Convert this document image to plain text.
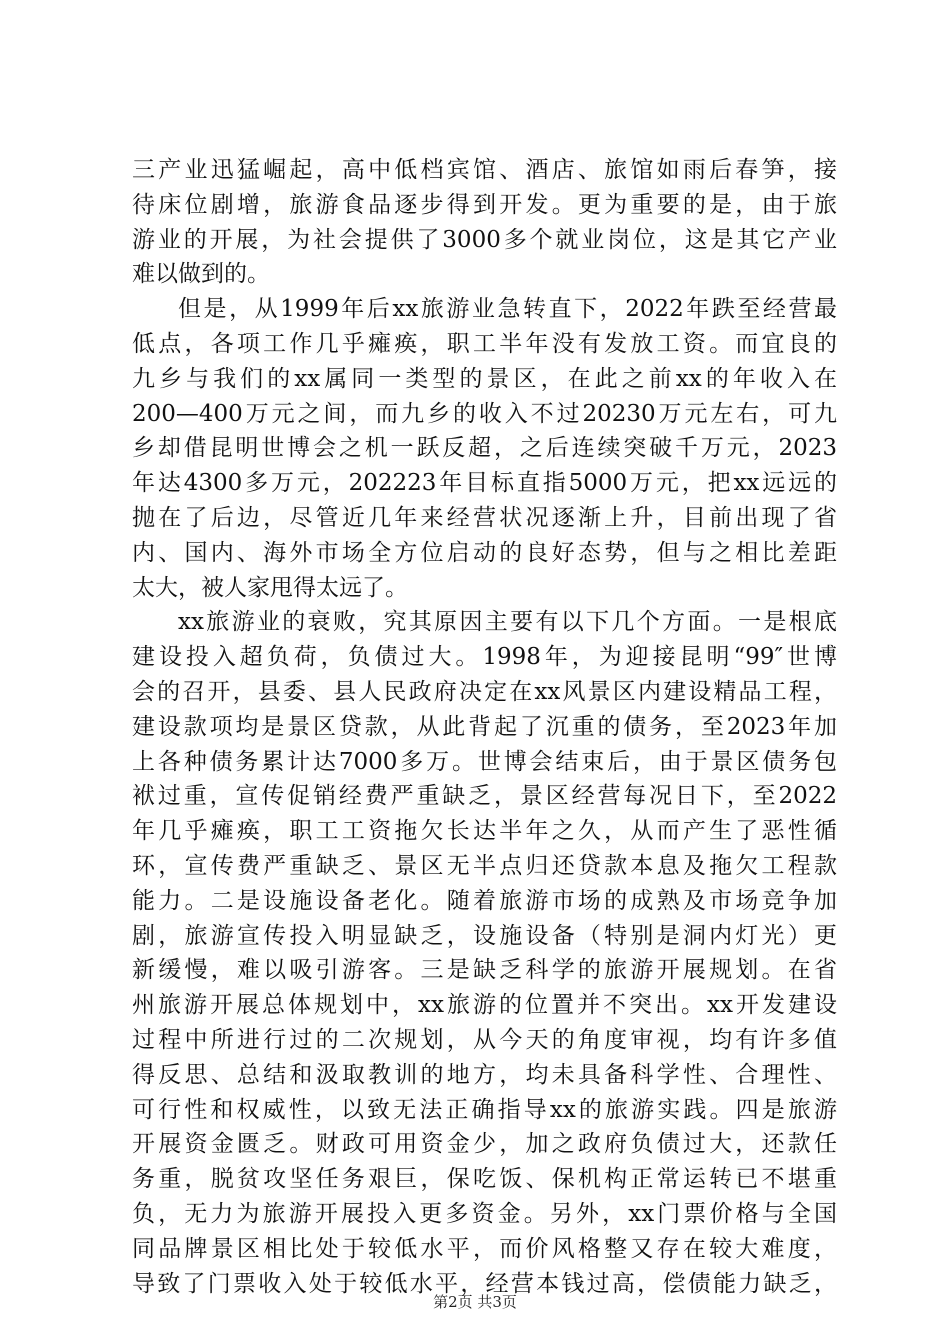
三产业迅猛崛起，高中低档宾馆、酒店、旅馆如雨后春笋，接
待床位剧增，旅游食品逐步得到开发。更为重要的是，由于旅
游业的开展，为社会提供了3000多个就业岗位，这是其它产业
难以做到的。
但是，从1999年后xx旅游业急转直下，2022年跌至经营最
低点，各项工作几乎瘫痪，职工半年没有发放工资。而宜良的
九乡与我们的xx属同一类型的景区，在此之前xx的年收入在
200—400万元之间，而九乡的收入不过20230万元左右，可九
乡却借昆明世博会之机一跃反超，之后连续突破千万元，2023
年达4300多万元，202223年目标直指5000万元，把xx远远的
抛在了后边，尽管近几年来经营状况逐渐上升，目前出现了省
内、国内、海外市场全方位启动的良好态势，但与之相比差距
太大，被人家甩得太远了。
xx旅游业的衰败，究其原因主要有以下几个方面。一是根底
建设投入超负荷，负债过大。1998年，为迎接昆明“99″世博
会的召开，县委、县人民政府决定在xx风景区内建设精品工程，
建设款项均是景区贷款，从此背起了沉重的债务，至2023年加
上各种债务累计达7000多万。世博会结束后，由于景区债务包
袱过重，宣传促销经费严重缺乏，景区经营每况日下，至2022
年几乎瘫痪，职工工资拖欠长达半年之久，从而产生了恶性循
环，宣传费严重缺乏、景区无半点归还贷款本息及拖欠工程款
能力。二是设施设备老化。随着旅游市场的成熟及市场竞争加
剧，旅游宣传投入明显缺乏，设施设备（特别是洞内灯光）更
新缓慢，难以吸引游客。三是缺乏科学的旅游开展规划。在省
州旅游开展总体规划中，xx旅游的位置并不突出。xx开发建设
过程中所进行过的二次规划，从今天的角度审视，均有许多值
得反思、总结和汲取教训的地方，均未具备科学性、合理性、
可行性和权威性，以致无法正确指导xx的旅游实践。四是旅游
开展资金匮乏。财政可用资金少，加之政府负债过大，还款任
务重，脱贫攻坚任务艰巨，保吃饭、保机构正常运转已不堪重
负，无力为旅游开展投入更多资金。另外，xx门票价格与全国
同品牌景区相比处于较低水平，而价风格整又存在较大难度，
导致了门票收入处于较低水平，经营本钱过高，偿债能力缺乏，
第2页 共3页
